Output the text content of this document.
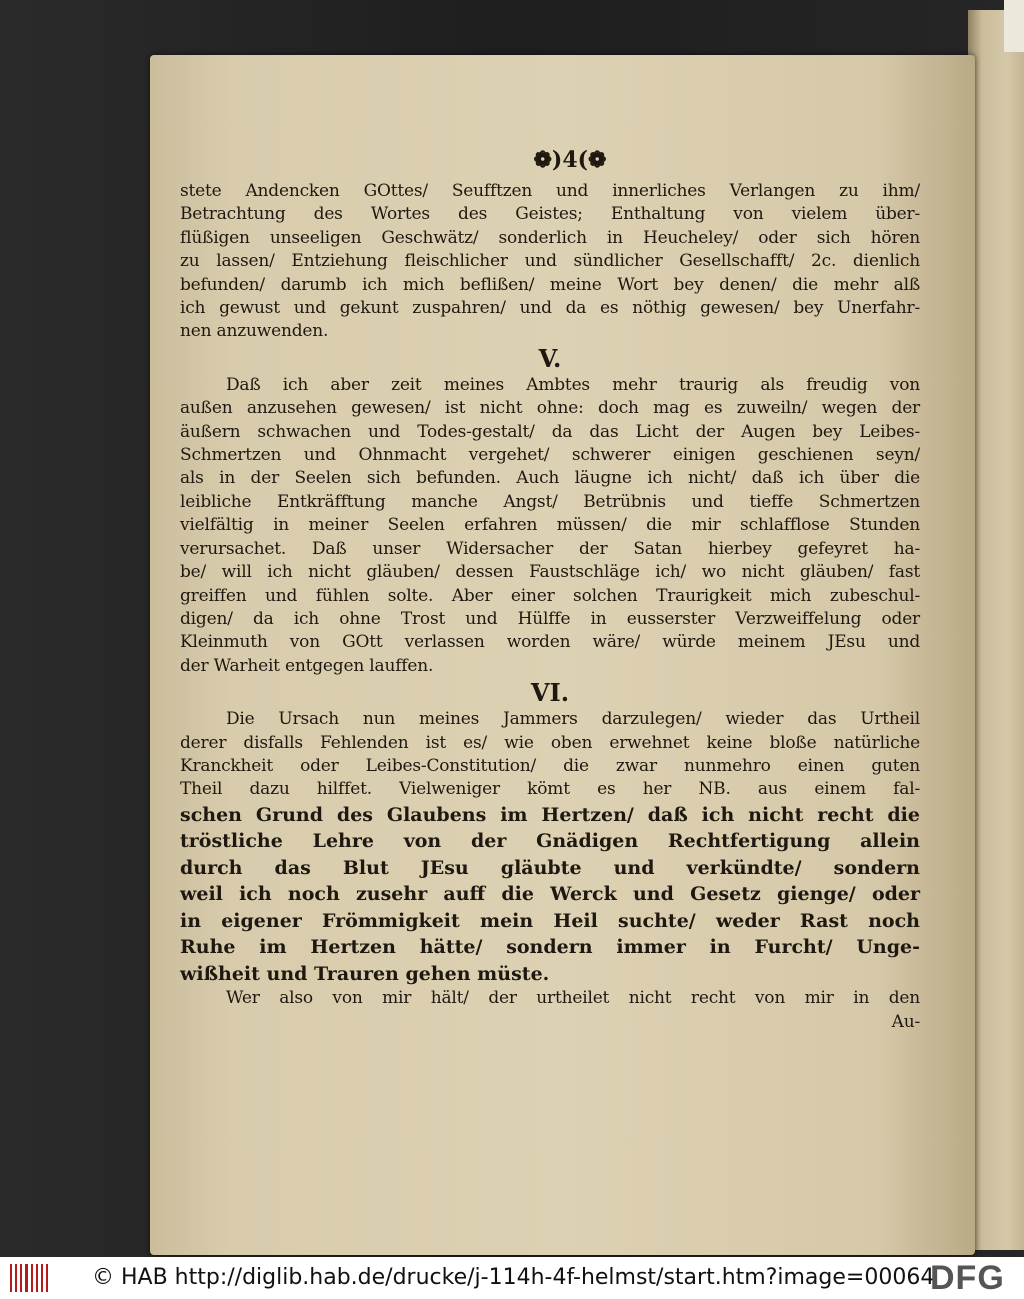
❁)4(❁
stete Andencken GOttes/ Seufftzen und innerliches Verlangen zu ihm/
Betrachtung des Wortes des Geistes; Enthaltung von vielem über-
flüßigen unseeligen Geschwätz/ sonderlich in Heucheley/ oder sich hören
zu lassen/ Entziehung fleischlicher und sündlicher Gesellschafft/ 2c. dienlich
befunden/ darumb ich mich beflißen/ meine Wort bey denen/ die mehr alß
ich gewust und gekunt zuspahren/ und da es nöthig gewesen/ bey Unerfahr-
nen anzuwenden.
V.
Daß ich aber zeit meines Ambtes mehr traurig als freudig von
außen anzusehen gewesen/ ist nicht ohne: doch mag es zuweiln/ wegen der
äußern schwachen und Todes-gestalt/ da das Licht der Augen bey Leibes-
Schmertzen und Ohnmacht vergehet/ schwerer einigen geschienen seyn/
als in der Seelen sich befunden. Auch läugne ich nicht/ daß ich über die
leibliche Entkräfftung manche Angst/ Betrübnis und tieffe Schmertzen
vielfältig in meiner Seelen erfahren müssen/ die mir schlafflose Stunden
verursachet. Daß unser Widersacher der Satan hierbey gefeyret ha-
be/ will ich nicht gläuben/ dessen Faustschläge ich/ wo nicht gläuben/ fast
greiffen und fühlen solte. Aber einer solchen Traurigkeit mich zubeschul-
digen/ da ich ohne Trost und Hülffe in eusserster Verzweiffelung oder
Kleinmuth von GOtt verlassen worden wäre/ würde meinem JEsu und
der Warheit entgegen lauffen.
VI.
Die Ursach nun meines Jammers darzulegen/ wieder das Urtheil
derer disfalls Fehlenden ist es/ wie oben erwehnet keine bloße natürliche
Kranckheit oder Leibes-Constitution/ die zwar nunmehro einen guten
Theil dazu hilffet. Vielweniger kömt es her NB. aus einem fal-
schen Grund des Glaubens im Hertzen/ daß ich nicht recht die
tröstliche Lehre von der Gnädigen Rechtfertigung allein
durch das Blut JEsu gläubte und verkündte/ sondern
weil ich noch zusehr auff die Werck und Gesetz gienge/ oder
in eigener Frömmigkeit mein Heil suchte/ weder Rast noch
Ruhe im Hertzen hätte/ sondern immer in Furcht/ Unge-
wißheit und Trauren gehen müste.
Wer also von mir hält/ der urtheilet nicht recht von mir in den
Au-
© HAB http://diglib.hab.de/drucke/j-114h-4f-helmst/start.htm?image=00064
DFG
